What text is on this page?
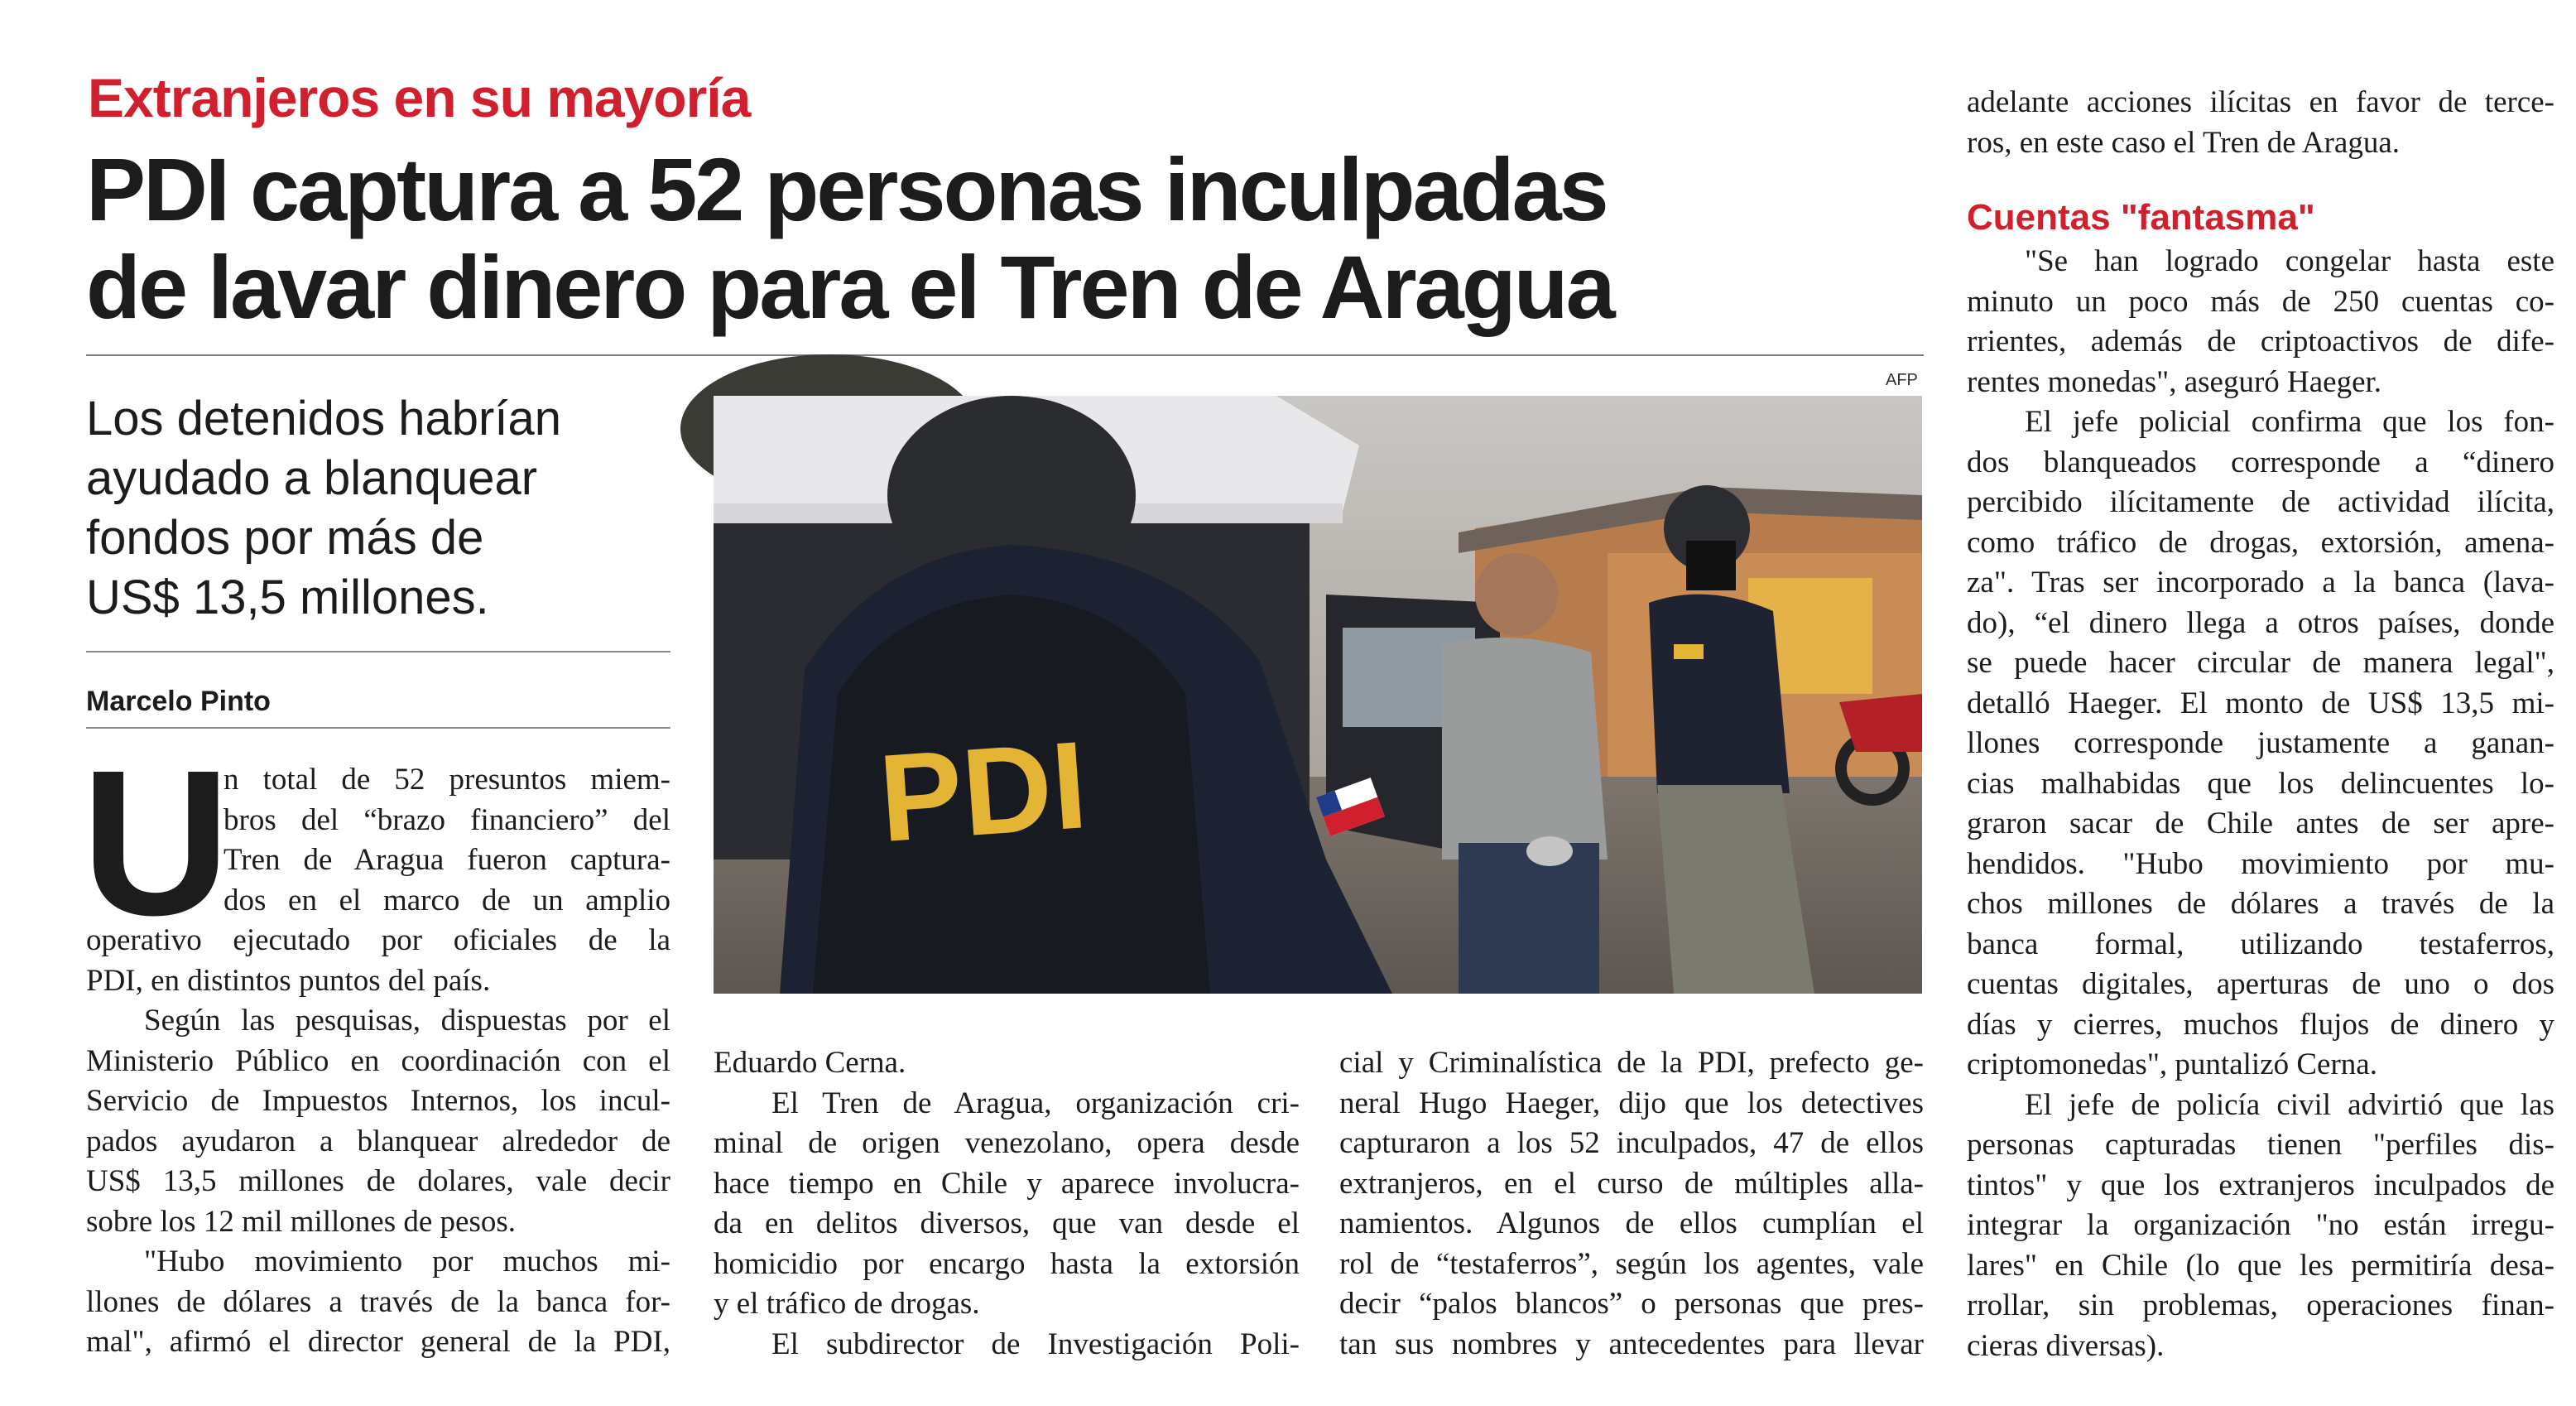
Extranjeros en su mayoría
PDI captura a 52 personas inculpadas
de lavar dinero para el Tren de Aragua
Los detenidos habrían
ayudado a blanquear
fondos por más de
US$ 13,5 millones.
Marcelo Pinto
U
n total de 52 presuntos miem-
bros del “brazo financiero” del
Tren de Aragua fueron captura-
dos en el marco de un amplio
operativo ejecutado por oficiales de la
PDI, en distintos puntos del país.
Según las pesquisas, dispuestas por el
Ministerio Público en coordinación con el
Servicio de Impuestos Internos, los incul-
pados ayudaron a blanquear alrededor de
US$ 13,5 millones de dolares, vale decir
sobre los 12 mil millones de pesos.
"Hubo movimiento por muchos mi-
llones de dólares a través de la banca for-
mal", afirmó el director general de la PDI,
AFP
PDI
Eduardo Cerna.
El Tren de Aragua, organización cri-
minal de origen venezolano, opera desde
hace tiempo en Chile y aparece involucra-
da en delitos diversos, que van desde el
homicidio por encargo hasta la extorsión
y el tráfico de drogas.
El subdirector de Investigación Poli-
cial y Criminalística de la PDI, prefecto ge-
neral Hugo Haeger, dijo que los detectives
capturaron a los 52 inculpados, 47 de ellos
extranjeros, en el curso de múltiples alla-
namientos. Algunos de ellos cumplían el
rol de “testaferros”, según los agentes, vale
decir “palos blancos” o personas que pres-
tan sus nombres y antecedentes para llevar
adelante acciones ilícitas en favor de terce-
ros, en este caso el Tren de Aragua.
Cuentas "fantasma"
"Se han logrado congelar hasta este
minuto un poco más de 250 cuentas co-
rrientes, además de criptoactivos de dife-
rentes monedas", aseguró Haeger.
El jefe policial confirma que los fon-
dos blanqueados corresponde a “dinero
percibido ilícitamente de actividad ilícita,
como tráfico de drogas, extorsión, amena-
za". Tras ser incorporado a la banca (lava-
do), “el dinero llega a otros países, donde
se puede hacer circular de manera legal",
detalló Haeger. El monto de US$ 13,5 mi-
llones corresponde justamente a ganan-
cias malhabidas que los delincuentes lo-
graron sacar de Chile antes de ser apre-
hendidos. "Hubo movimiento por mu-
chos millones de dólares a través de la
banca formal, utilizando testaferros,
cuentas digitales, aperturas de uno o dos
días y cierres, muchos flujos de dinero y
criptomonedas", puntalizó Cerna.
El jefe de policía civil advirtió que las
personas capturadas tienen "perfiles dis-
tintos" y que los extranjeros inculpados de
integrar la organización "no están irregu-
lares" en Chile (lo que les permitiría desa-
rrollar, sin problemas, operaciones finan-
cieras diversas).
